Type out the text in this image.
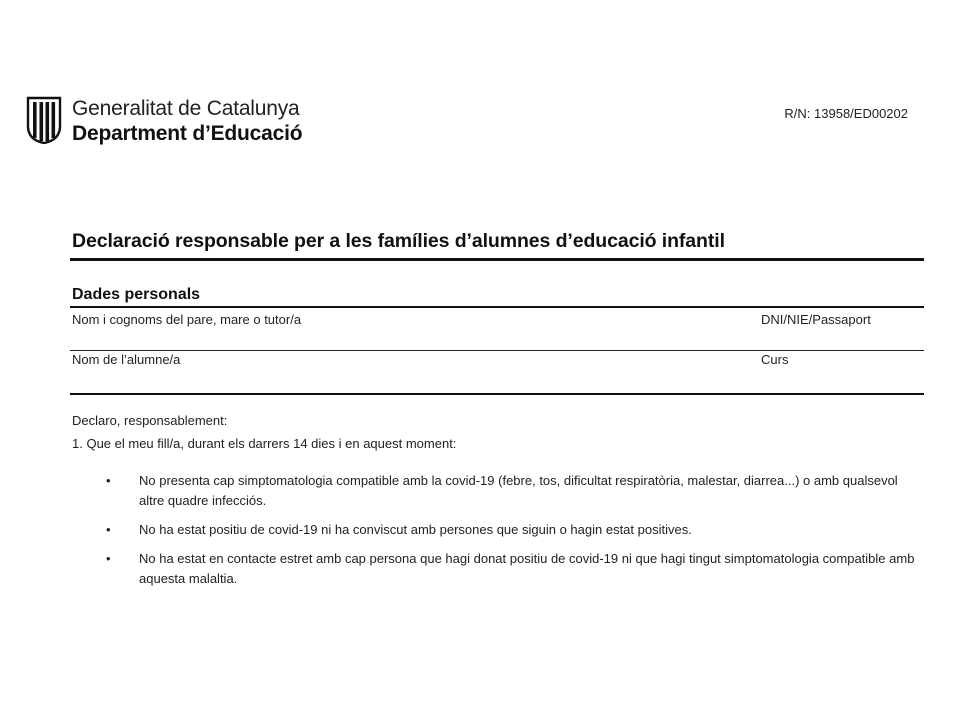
Generalitat de Catalunya
Department d’Educació
R/N: 13958/ED00202
Declaració responsable per a les famílies d’alumnes d’educació infantil
Dades personals
Nom i cognoms del pare, mare o tutor/a	DNI/NIE/Passaport
Nom de l’alumne/a	Curs
Declaro, responsablement:
1. Que el meu fill/a, durant els darrers 14 dies i en aquest moment:
• No presenta cap simptomatologia compatible amb la covid-19 (febre, tos, dificultat respiratòria, malestar, diarrea...) o amb qualsevol altre quadre infecciós.
• No ha estat positiu de covid-19 ni ha conviscut amb persones que siguin o hagin estat positives.
• No ha estat en contacte estret amb cap persona que hagi donat positiu de covid-19 ni que hagi tingut simptomatologia compatible amb aquesta malaltia.
